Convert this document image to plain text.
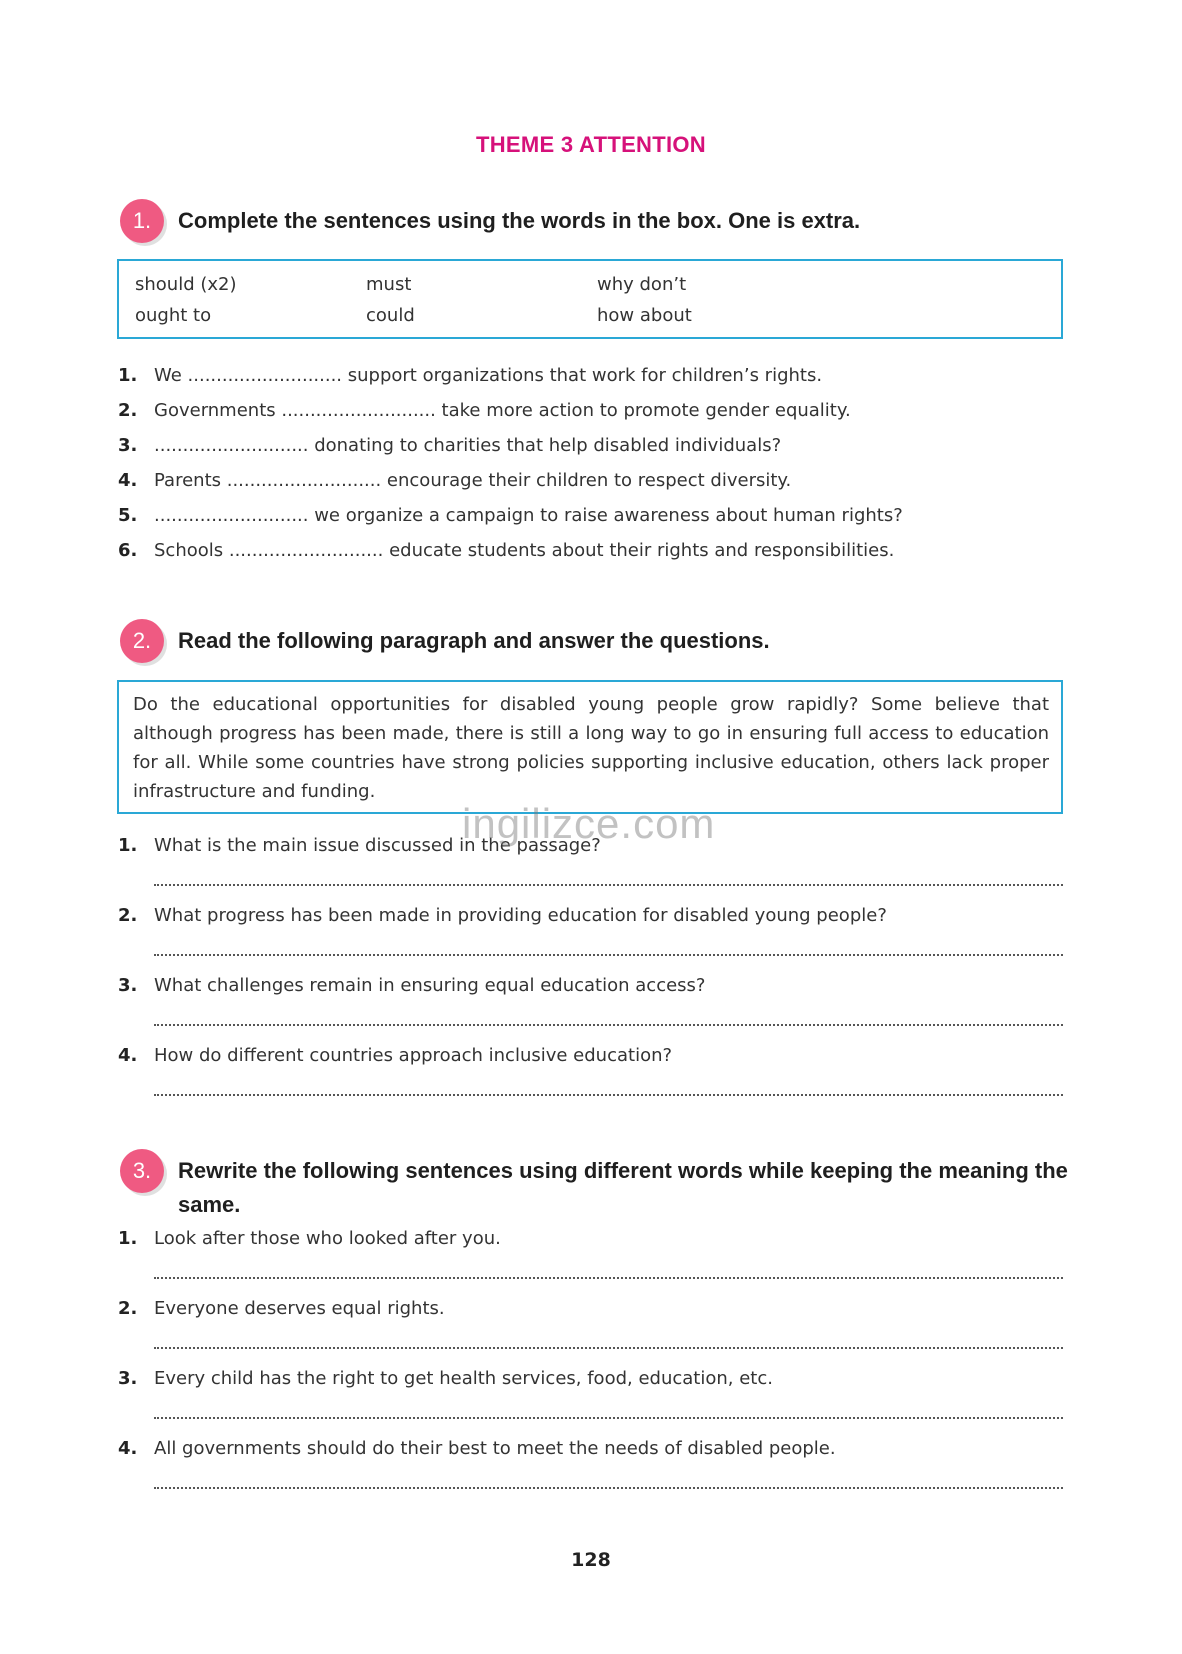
THEME 3 ATTENTION
1.	Complete the sentences using the words in the box. One is extra.
should (x2)	must	why don’t
ought to	could	how about
1. We ........................... support organizations that work for children’s rights.
2. Governments ........................... take more action to promote gender equality.
3. ........................... donating to charities that help disabled individuals?
4. Parents ........................... encourage their children to respect diversity.
5. ........................... we organize a campaign to raise awareness about human rights?
6. Schools ........................... educate students about their rights and responsibilities.
2.	Read the following paragraph and answer the questions.
Do the educational opportunities for disabled young people grow rapidly? Some believe that although progress has been made, there is still a long way to go in ensuring full access to education for all. While some countries have strong policies supporting inclusive education, others lack proper infrastructure and funding.
1. What is the main issue discussed in the passage?
2. What progress has been made in providing education for disabled young people?
3. What challenges remain in ensuring equal education access?
4. How do different countries approach inclusive education?
3.	Rewrite the following sentences using different words while keeping the meaning the same.
1. Look after those who looked after you.
2. Everyone deserves equal rights.
3. Every child has the right to get health services, food, education, etc.
4. All governments should do their best to meet the needs of disabled people.
ingilizce.com
128
